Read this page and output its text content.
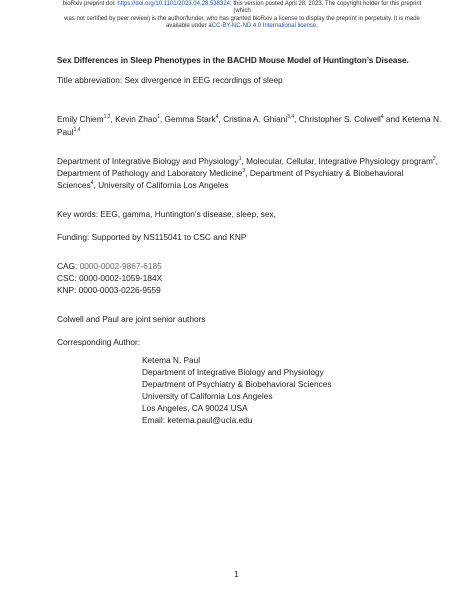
bioRxiv preprint doi: https://doi.org/10.1101/2023.04.28.538324; this version posted April 28, 2023. The copyright holder for this preprint (which
was not certified by peer review) is the author/funder, who has granted bioRxiv a license to display the preprint in perpetuity. It is made
available under aCC-BY-NC-ND 4.0 International license.
Sex Differences in Sleep Phenotypes in the BACHD Mouse Model of Huntington’s Disease.
Title abbreviation: Sex divergence in EEG recordings of sleep
Emily Chiem$^{1,2}$, Kevin Zhao$^1$, Gemma Stark$^4$, Cristina A. Ghiani$^{3,4}$, Christopher S. Colwell$^4$ and Ketema N.
Paul$^{1,4}$
Department of Integrative Biology and Physiology$^1$, Molecular, Cellular, Integrative Physiology program$^2$,
Department of Pathology and Laboratory Medicine$^3$, Department of Psychiatry & Biobehavioral
Sciences$^4$, University of California Los Angeles
Key words: EEG, gamma, Huntington’s disease, sleep, sex,
Funding: Supported by NS115041 to CSC and KNP
CAG: 0000-0002-9867-6185
CSC: 0000-0002-1059-184X
KNP: 0000-0003-0226-9559
Colwell and Paul are joint senior authors
Corresponding Author:
Ketema N. Paul
Department of Integrative Biology and Physiology
Department of Psychiatry & Biobehavioral Sciences
University of California Los Angeles
Los Angeles, CA 90024 USA
Email: ketema.paul@ucla.edu
1
